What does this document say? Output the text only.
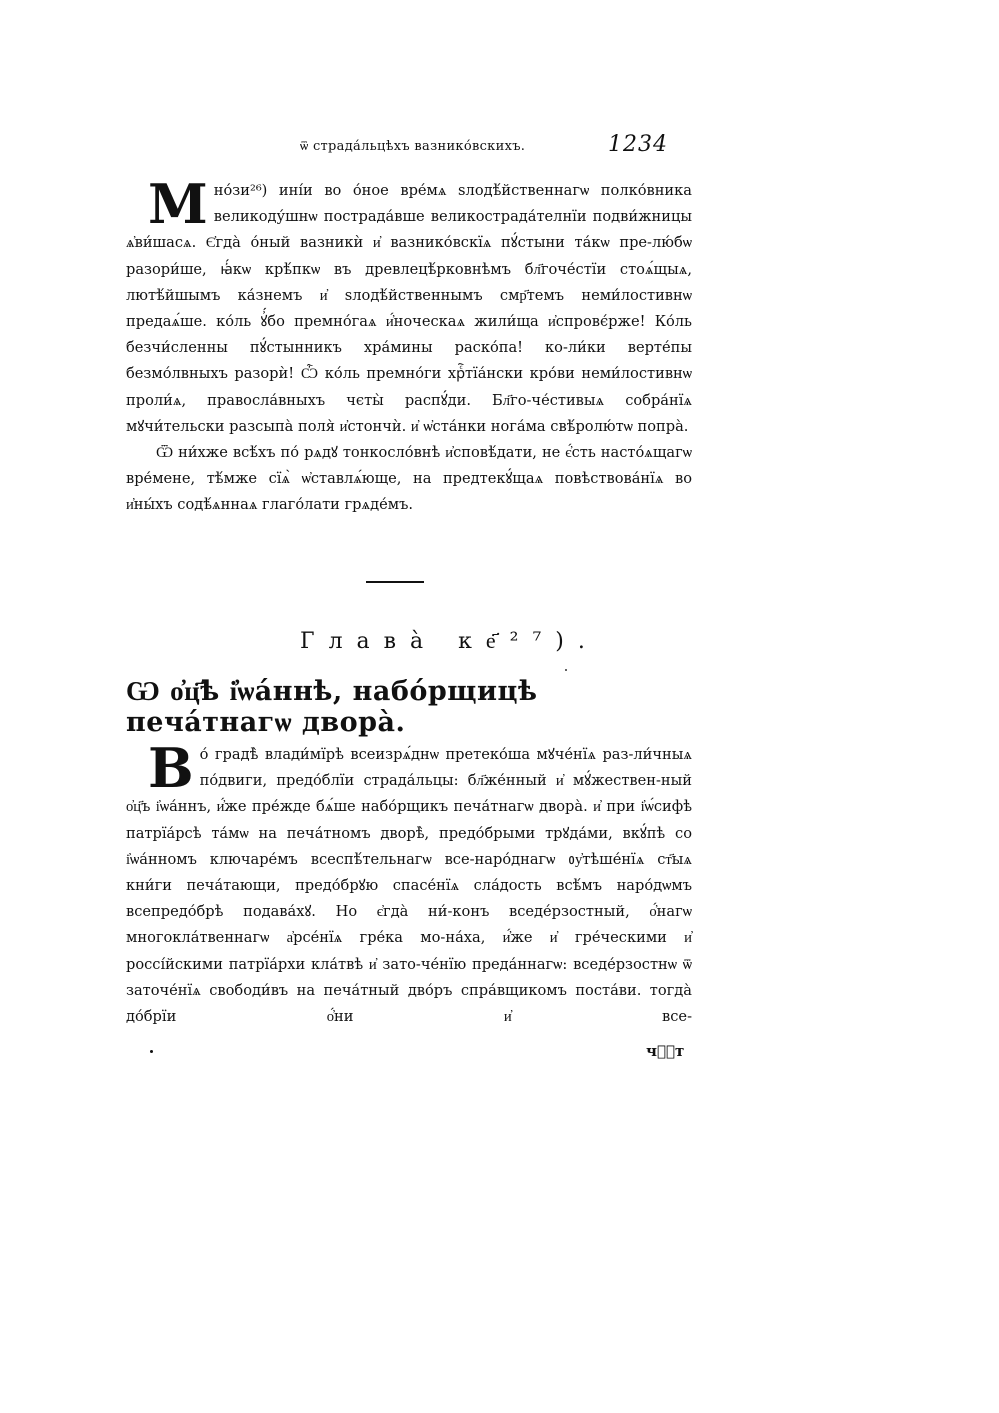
ѿ страда́льцѣхъ вазнико́вскихъ.	1234

Мно́зи²⁶) ині́и во о́ное вре́мѧ ѕлодѣ́йственнагѡ полко́вника великоду́шнѡ пострада́вше великострада́телнїи подви́жницы ѧ̓ви́шасѧ. Є҆гда̀ о́ный вазникѝ и҆ вазнико́вскїѧ пꙋ́стыни та́кѡ пре-лю́бѡ разори́ше, ꙗ҆́кѡ крѣ́пкѡ въ древлецѣ́рковнѣмъ бл҃гоче́стїи стоѧ́щыѧ, лютѣ́йшымъ ка́знемъ и҆ ѕлодѣ́йственнымъ смр҃темъ неми́лостивнѡ предаѧ́ше. ко́ль ꙋ҆́бо премно́гаѧ и҆́ноческаѧ жили́ща и҆спровє́рже! Ко́ль безчи́сленны пꙋ́стынникъ хра́мины раско́па! ко-ли́ки верте́пы безмо́лвныхъ разорѝ! Ѽ ко́ль премно́ги хрⷭ҇тїа́нски кро́ви неми́лостивнѡ проли́ѧ, правосла́вныхъ чєты̀ распꙋ́ди. Бл҃го-че́стивыѧ собра́нїѧ мꙋчи́тельски разсыпа̀ поля̀ и҆стончѝ. и҆ ѡ҆ста́нки нога́ма свѣ́ролю́тѡ попра̀.

Ѿ ни́хже всѣ́хъ по́ рѧдꙋ тонкосло́внѣ и҆сповѣ́дати, не є҆́сть насто́ѧщагѡ вре́мене, тѣ́мже сїѧ̀ ѡ҆ставлѧ́юще, на предтекꙋ́щаѧ повѣствова́нїѧ во и҆ны́хъ содѣ́ѧннаѧ глаго́лати грѧде́мъ.

Глава̀ ке҃²⁷).
Ѡ о҆ц҃ѣ і҆ѡа́ннѣ, набо́рщицѣ печа́тнагѡ двора̀.

Во́ градѣ̀ влади́мїрѣ всеизрѧ́днѡ претеко́ша мꙋче́нїѧ раз-ли́чныѧ по́двиги, предо́блїи страда́льцы: бл҃же́нный и҆ мꙋ́жествен-ный о҆ц҃ъ і҆ѡа́ннъ, и҆́же пре́жде бѧ́ше набо́рщикъ печа́тнагѡ двора̀. и҆ при і҆ѡ́сифѣ патрїа́рсѣ та́мѡ на печа́тномъ дворѣ̀, предо́брыми трꙋда́ми, вкꙋ́пѣ со і҆ѡа́нномъ ключаре́мъ всеспѣ́тельнагѡ все-наро́днагѡ ᲂу҆тѣше́нїѧ ст҃ыѧ кни́ги печа́тающи, предо́брꙋю спасе́нїѧ сла́дость всѣ́мъ наро́дѡмъ всепредо́брѣ подава́хꙋ. Но є҆гда̀ ни́-конъ вседе́рзостный, о҆́нагѡ многокла́твеннагѡ а҆рсе́нїѧ гре́ка мо-на́ха, и҆́же и҆ гре́ческими и҆ россі́йскими патрїа́рхи кла́твѣ и҆ зато-че́нїю преда́ннагѡ: вседе́рзостнѡ ѿ заточе́нїѧ свободи́въ на печа́тный дво́ръ спра́вщикомъ поста́ви. тогда̀ до́брїи о҆́ни и҆ все-

чⷭ҇т
